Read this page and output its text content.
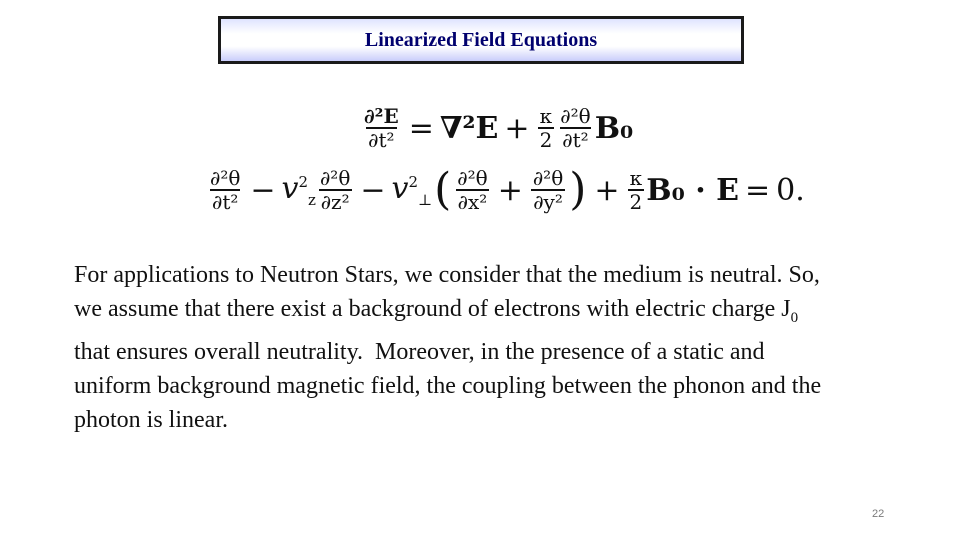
Linearized Field Equations
$\frac{\text{∂²E}}{\text{∂t²}} = \nabla^2E + \frac{\kappa}{2} \frac{\text{∂²θ}}{\text{∂t²}} B_0$
$\frac{\text{∂²θ}}{\text{∂t²}} - v^2_z \frac{\text{∂²θ}}{\text{∂z²}} - v^2_\perp$ ( $\frac{\text{∂²θ}}{\text{∂x²}} + \frac{\text{∂²θ}}{\text{∂y²}}$ ) + $\frac{\kappa}{2} B_0 \cdot E = 0$.
For applications to Neutron Stars, we consider that the medium is neutral. So,
we assume that there exist a background of electrons with electric charge $J_0$
that ensures overall neutrality.  Moreover, in the presence of a static and
uniform background magnetic field, the coupling between the phonon and the
photon is linear.
22
